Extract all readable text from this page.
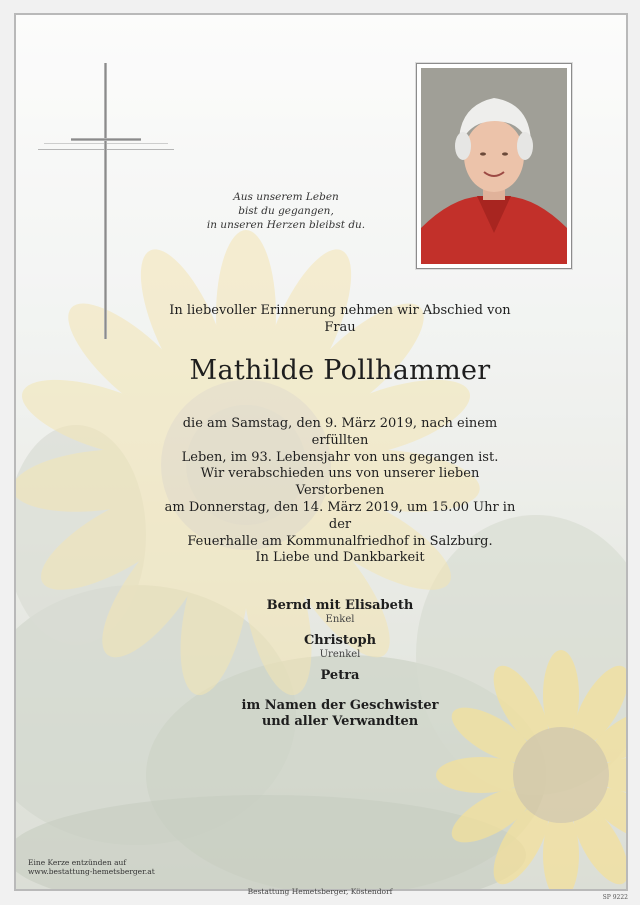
Aus unserem Leben
bist du gegangen,
in unseren Herzen bleibst du.
In liebevoller Erinnerung nehmen wir Abschied von
Frau
Mathilde Pollhammer
die am Samstag, den 9. März 2019, nach einem erfüllten
Leben, im 93. Lebensjahr von uns gegangen ist.
Wir verabschieden uns von unserer lieben Verstorbenen
am Donnerstag, den 14. März 2019, um 15.00 Uhr in der
Feuerhalle am Kommunalfriedhof in Salzburg.
In Liebe und Dankbarkeit
Bernd mit Elisabeth
Enkel
Christoph
Urenkel
Petra
im Namen der Geschwister
und aller Verwandten
Eine Kerze entzünden auf
www.bestattung-hemetsberger.at
Bestattung Hemetsberger, Köstendorf
SP 9222
